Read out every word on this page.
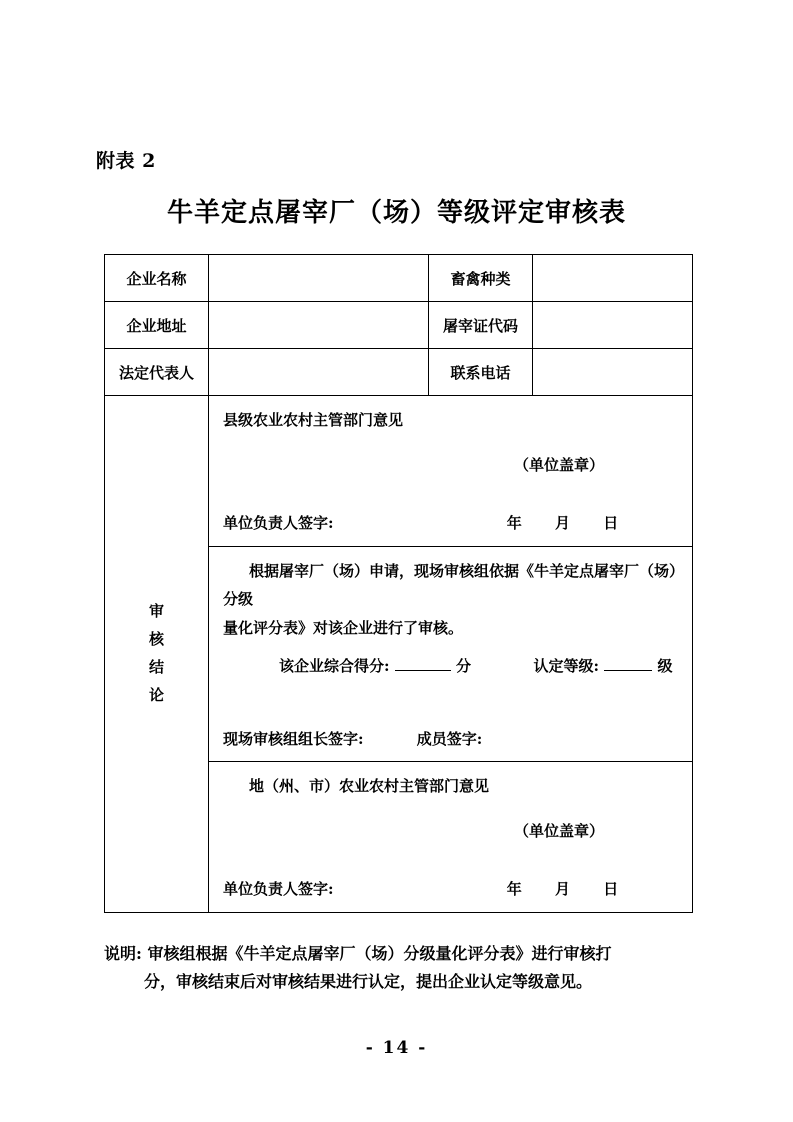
附表 2
牛羊定点屠宰厂（场）等级评定审核表
企业名称		畜禽种类	
企业地址		屠宰证代码	
法定代表人		联系电话	

审
核
结
论	县级农业农村主管部门意见
（单位盖章）
单位负责人签字: 年 月 日		

	根据屠宰厂（场）申请，现场审核组依据《牛羊定点屠宰厂（场）分级
量化评分表》对该企业进行了审核。
该企业综合得分: 分 认定等级: 级
现场审核组组长签字: 成员签字:		

	地（州、市）农业农村主管部门意见
（单位盖章）
单位负责人签字: 年 月 日		
说明: 审核组根据《牛羊定点屠宰厂（场）分级量化评分表》进行审核打
分，审核结束后对审核结果进行认定，提出企业认定等级意见。
- 14 -
